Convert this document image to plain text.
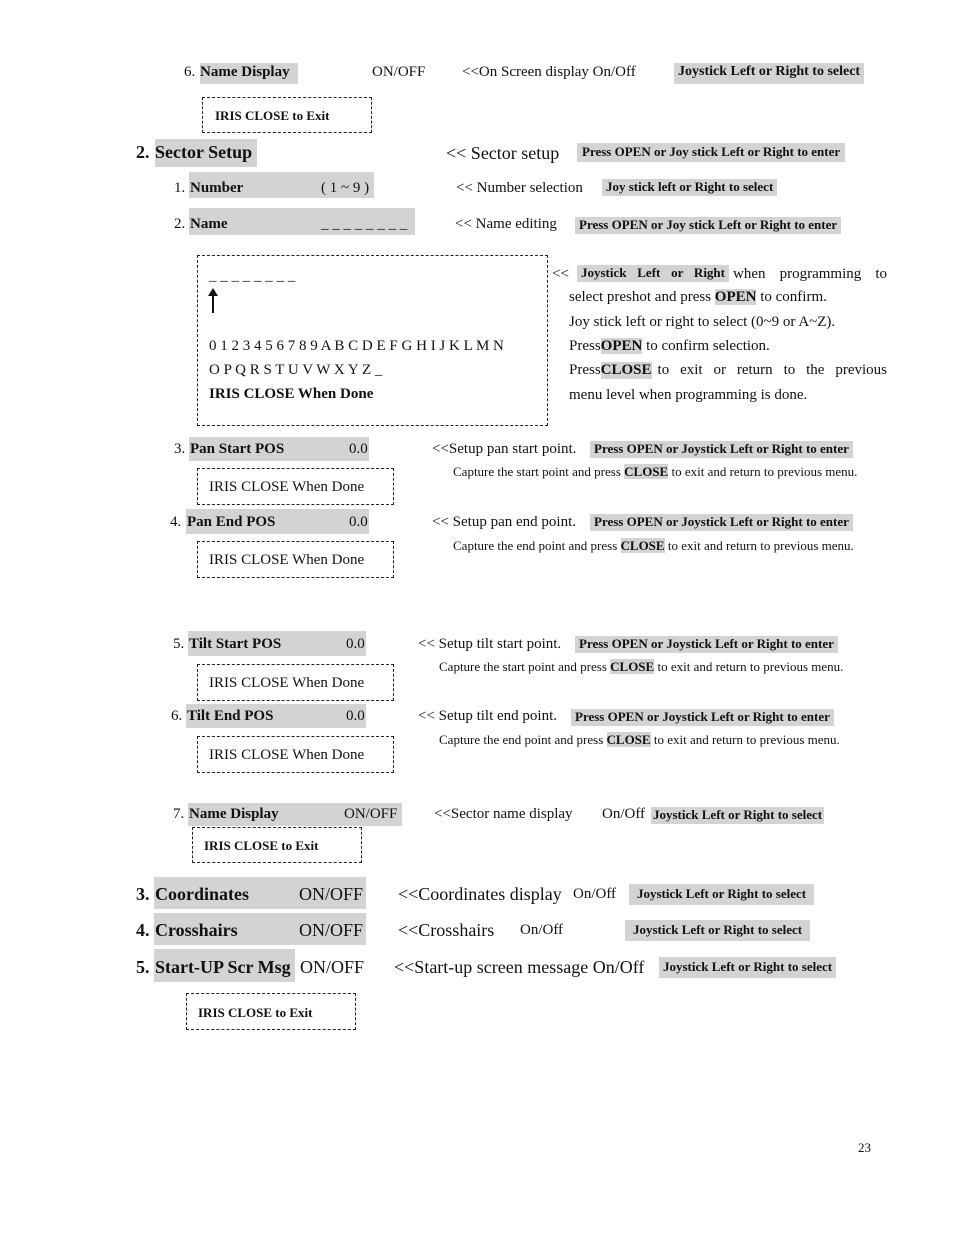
6. Name Display	ON/OFF <<On Screen display On/Off	Joystick Left or Right to select
IRIS CLOSE to Exit
2. Sector Setup	<< Sector setup	Press OPEN or Joy stick Left or Right to enter
1. Number	( 1 ~ 9 )	<< Number selection	Joy stick left or Right to select
2. Name	_ _ _ _ _ _ _ _	<< Name editing	Press OPEN or Joy stick Left or Right to enter
_ _ _ _ _ _ _ _
0 1 2 3 4 5 6 7 8 9 A B C D E F G H I J K L M N
O P Q R S T U V W X Y Z _
IRIS CLOSE When Done
<< Joystick Left or Right when programming to
select preshot and press OPEN to confirm.
Joy stick left or right to select (0~9 or A~Z).
PressOPEN to confirm selection.
Press CLOSE to exit or return to the previous
menu level when programming is done.
3. Pan Start POS	0.0	<<Setup pan start point.	Press OPEN or Joystick Left or Right to enter
Capture the start point and press CLOSE to exit and return to previous menu.
IRIS CLOSE When Done
4. Pan End POS	0.0	<< Setup pan end point.	Press OPEN or Joystick Left or Right to enter
Capture the end point and press CLOSE to exit and return to previous menu.
IRIS CLOSE When Done
5. Tilt Start POS	0.0	<< Setup tilt start point.	Press OPEN or Joystick Left or Right to enter
Capture the start point and press CLOSE to exit and return to previous menu.
IRIS CLOSE When Done
6. Tilt End POS	0.0	<< Setup tilt end point.	Press OPEN or Joystick Left or Right to enter
Capture the end point and press CLOSE to exit and return to previous menu.
IRIS CLOSE When Done
7. Name Display	ON/OFF <<Sector name display On/Off Joystick Left or Right to select
IRIS CLOSE to Exit
3. Coordinates	ON/OFF <<Coordinates display On/Off	Joystick Left or Right to select
4. Crosshairs	ON/OFF <<Crosshairs On/Off	Joystick Left or Right to select
5. Start-UP Scr Msg ON/OFF <<Start-up screen message On/Off	Joystick Left or Right to select
IRIS CLOSE to Exit
23
